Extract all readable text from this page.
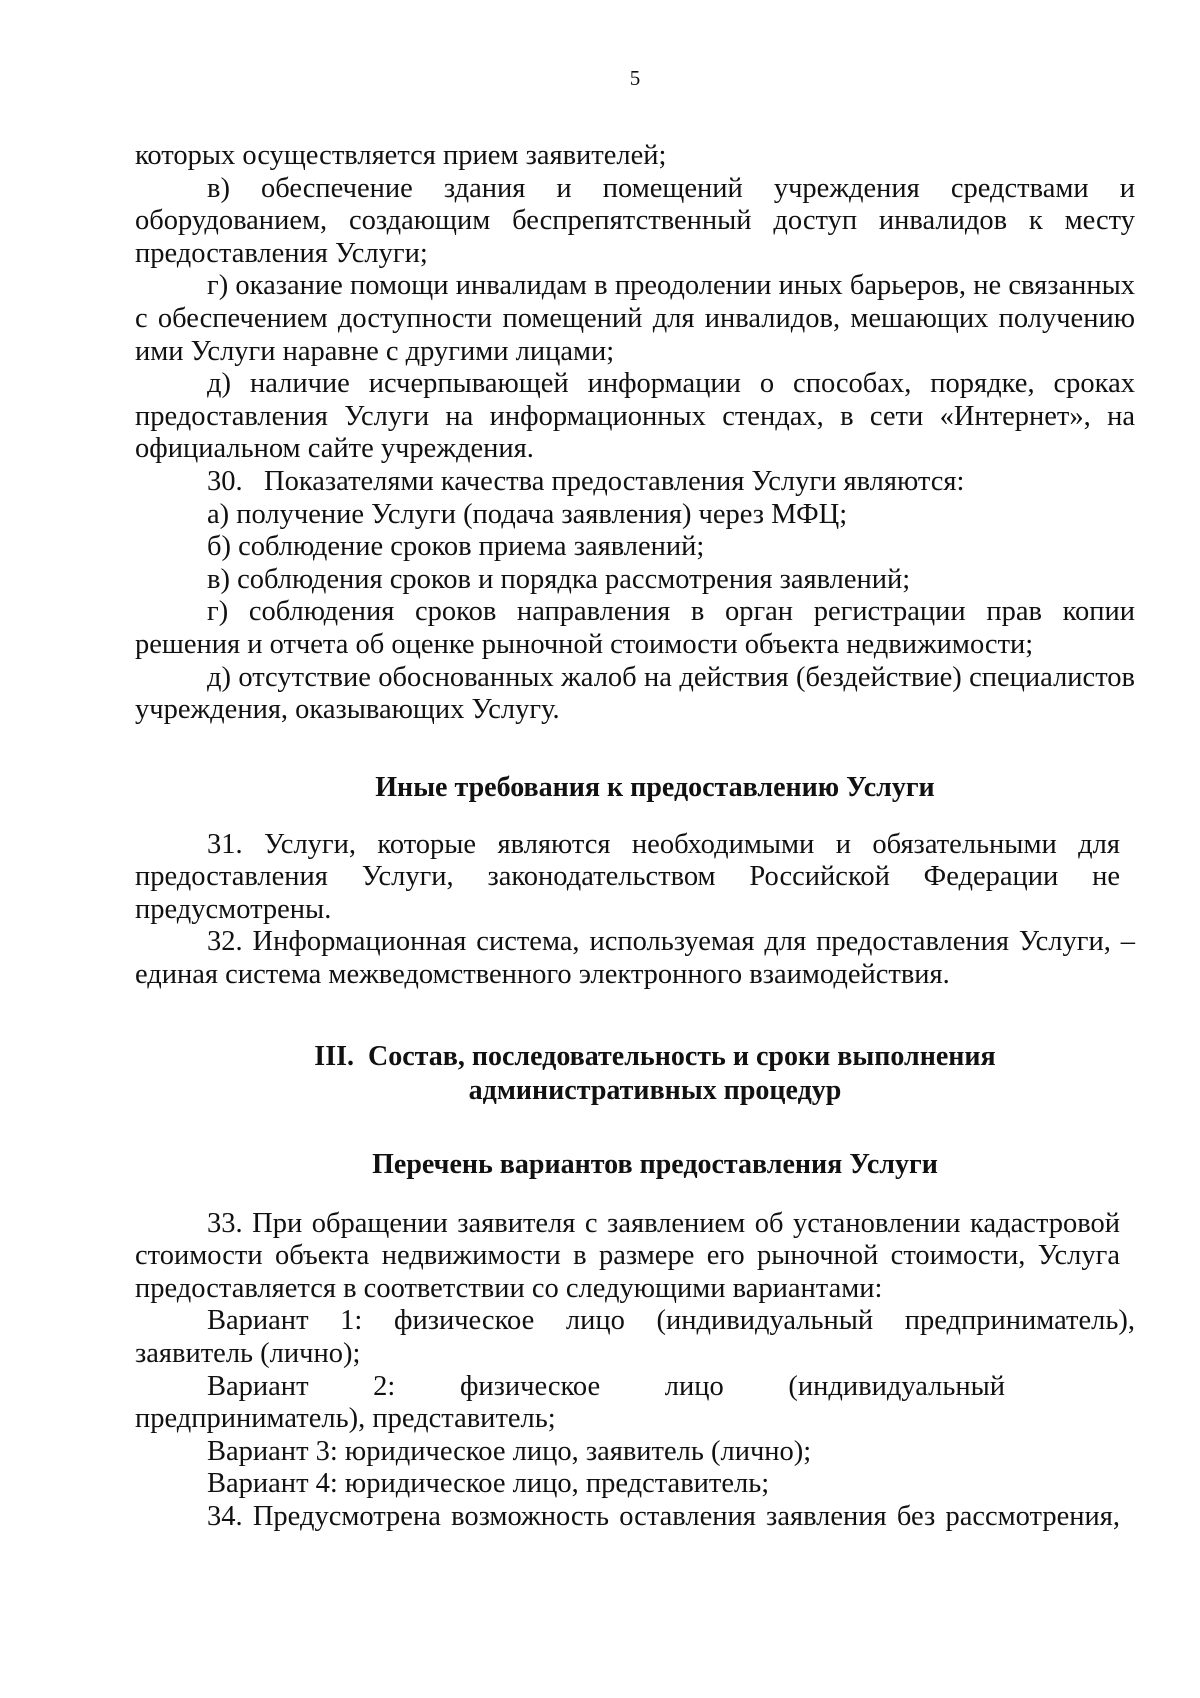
5

которых осуществляется прием заявителей;

в) обеспечение здания и помещений учреждения средствами и оборудованием, создающим беспрепятственный доступ инвалидов к месту предоставления Услуги;

г) оказание помощи инвалидам в преодолении иных барьеров, не связанных с обеспечением доступности помещений для инвалидов, мешающих получению ими Услуги наравне с другими лицами;

д) наличие исчерпывающей информации о способах, порядке, сроках предоставления Услуги на информационных стендах, в сети «Интернет», на официальном сайте учреждения.

30.  Показателями качества предоставления Услуги являются:

а) получение Услуги (подача заявления) через МФЦ;

б) соблюдение сроков приема заявлений;

в) соблюдения сроков и порядка рассмотрения заявлений;

г) соблюдения сроков направления в орган регистрации прав копии решения и отчета об оценке рыночной стоимости объекта недвижимости;

д) отсутствие обоснованных жалоб на действия (бездействие) специалистов учреждения, оказывающих Услугу.

Иные требования к предоставлению Услуги

31. Услуги, которые являются необходимыми и обязательными для предоставления Услуги, законодательством Российской Федерации не предусмотрены.

32. Информационная система, используемая для предоставления Услуги, – единая система межведомственного электронного взаимодействия.

III. Состав, последовательность и сроки выполнения

административных процедур

Перечень вариантов предоставления Услуги

33. При обращении заявителя с заявлением об установлении кадастровой стоимости объекта недвижимости в размере его рыночной стоимости, Услуга предоставляется в соответствии со следующими вариантами:

Вариант 1: физическое лицо (индивидуальный предприниматель), заявитель (лично);

Вариант 2: физическое лицо (индивидуальный предприниматель), представитель;

Вариант 3: юридическое лицо, заявитель (лично);

Вариант 4: юридическое лицо, представитель;

34. Предусмотрена возможность оставления заявления без рассмотрения,
